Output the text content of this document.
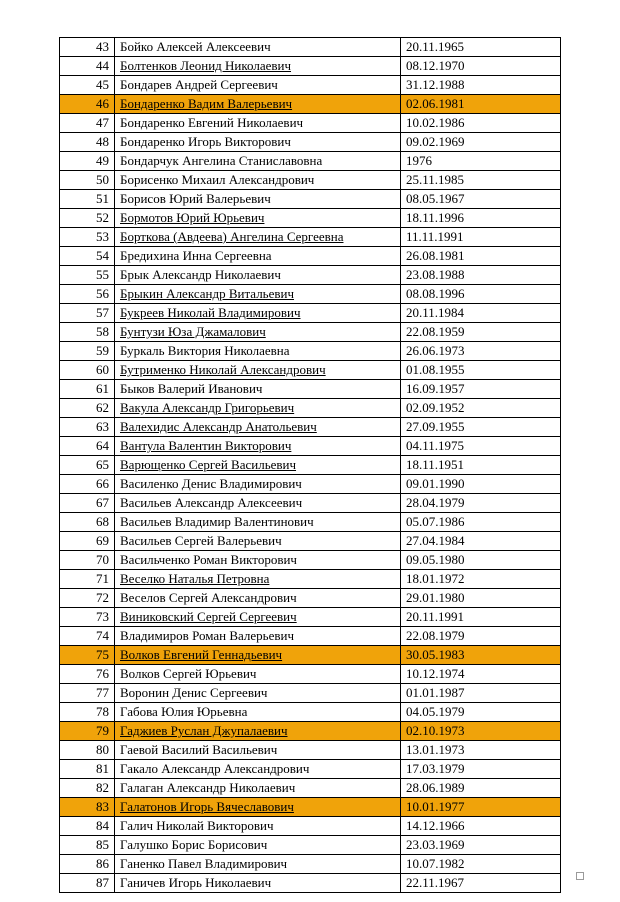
43	Бойко Алексей Алексеевич	20.11.1965
44	Болтенков Леонид Николаевич	08.12.1970
45	Бондарев Андрей Сергеевич	31.12.1988
46	Бондаренко Вадим Валерьевич	02.06.1981
47	Бондаренко Евгений Николаевич	10.02.1986
48	Бондаренко Игорь Викторович	09.02.1969
49	Бондарчук Ангелина Станиславовна	1976
50	Борисенко Михаил Александрович	25.11.1985
51	Борисов Юрий Валерьевич	08.05.1967
52	Бормотов Юрий Юрьевич	18.11.1996
53	Борткова (Авдеева) Ангелина Сергеевна	11.11.1991
54	Бредихина Инна Сергеевна	26.08.1981
55	Брык Александр Николаевич	23.08.1988
56	Брыкин Александр Витальевич	08.08.1996
57	Букреев Николай Владимирович	20.11.1984
58	Бунтузи Юза Джамалович	22.08.1959
59	Буркаль Виктория Николаевна	26.06.1973
60	Бутрименко Николай Александрович	01.08.1955
61	Быков Валерий Иванович	16.09.1957
62	Вакула Александр Григорьевич	02.09.1952
63	Валехидис Александр Анатольевич	27.09.1955
64	Вантула Валентин Викторович	04.11.1975
65	Варющенко Сергей Васильевич	18.11.1951
66	Василенко Денис Владимирович	09.01.1990
67	Васильев Александр Алексеевич	28.04.1979
68	Васильев Владимир Валентинович	05.07.1986
69	Васильев Сергей Валерьевич	27.04.1984
70	Васильченко Роман Викторович	09.05.1980
71	Веселко Наталья Петровна	18.01.1972
72	Веселов Сергей Александрович	29.01.1980
73	Виниковский Сергей Сергеевич	20.11.1991
74	Владимиров Роман Валерьевич	22.08.1979
75	Волков Евгений Геннадьевич	30.05.1983
76	Волков Сергей Юрьевич	10.12.1974
77	Воронин Денис Сергеевич	01.01.1987
78	Габова Юлия Юрьевна	04.05.1979
79	Гаджиев Руслан Джупалаевич	02.10.1973
80	Гаевой Василий Васильевич	13.01.1973
81	Гакало Александр Александрович	17.03.1979
82	Галаган Александр Николаевич	28.06.1989
83	Галатонов Игорь Вячеславович	10.01.1977
84	Галич Николай Викторович	14.12.1966
85	Галушко Борис Борисович	23.03.1969
86	Ганенко Павел Владимирович	10.07.1982
87	Ганичев Игорь Николаевич	22.11.1967
